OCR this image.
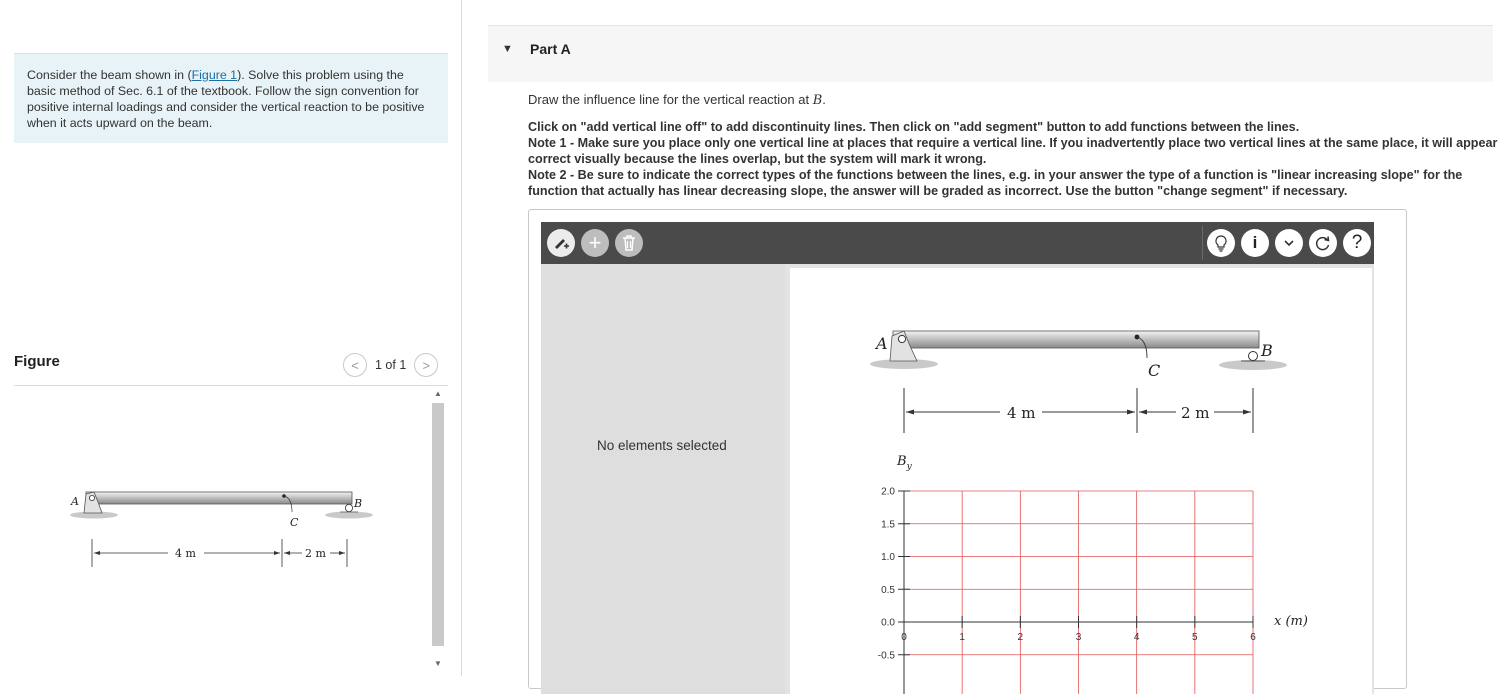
Consider the beam shown in (Figure 1). Solve this problem using the basic method of Sec. 6.1 of the textbook. Follow the sign convention for positive internal loadings and consider the vertical reaction to be positive when it acts upward on the beam.
Figure	<	1 of 1	>
A	B
C
4 m	2 m
▲
▼
▼ Part A
Draw the influence line for the vertical reaction at B.
Click on "add vertical line off" to add discontinuity lines. Then click on "add segment" button to add functions between the lines.
Note 1 - Make sure you place only one vertical line at places that require a vertical line. If you inadvertently place two vertical lines at the same place, it will appear correct visually because the lines overlap, but the system will mark it wrong.
Note 2 - Be sure to indicate the correct types of the functions between the lines, e.g. in your answer the type of a function is "linear increasing slope" for the function that actually has linear decreasing slope, the answer will be graded as incorrect. Use the button "change segment" if necessary.
+	i	?
No elements selected
A	B
C
4 m	2 m
$B_y$
2.0
1.5
1.0
0.5
0.0
-0.5
0	1	2	3	4	5	6
x (m)
